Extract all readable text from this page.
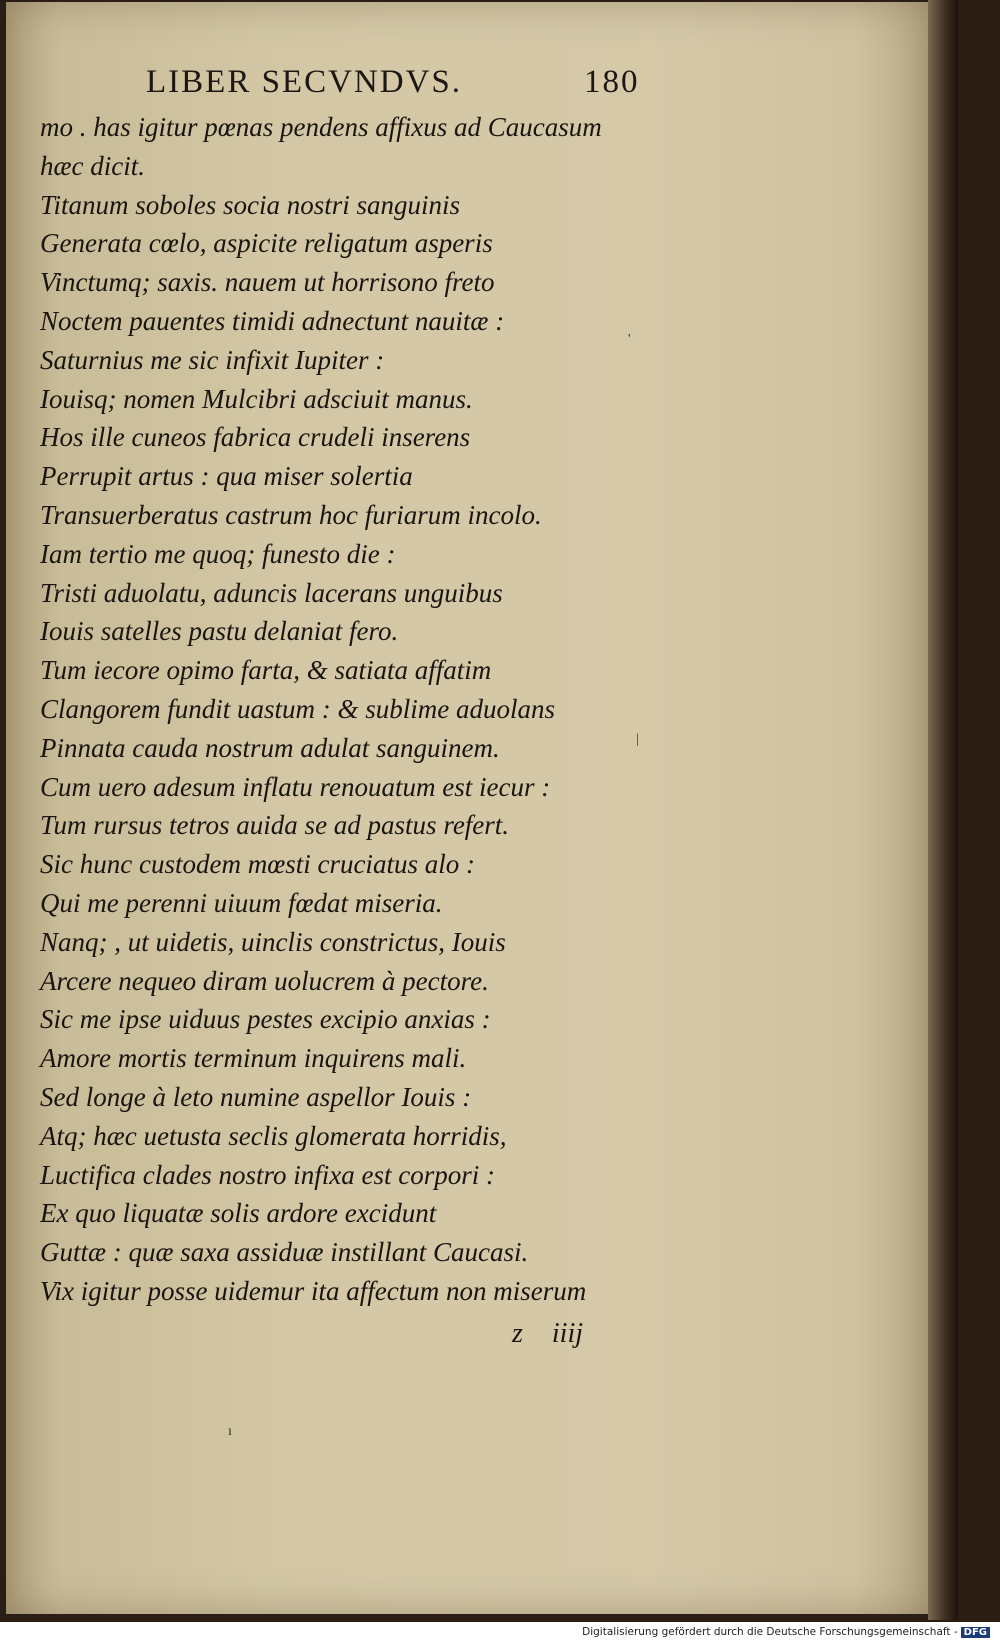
LIBER SECVNDVS.	180
mo . has igitur pœnas pendens affixus ad Caucasum
hæc dicit.
Titanum soboles socia nostri sanguinis
Generata cœlo, aspicite religatum asperis
Vinctumq; saxis. nauem ut horrisono freto
Noctem pauentes timidi adnectunt nauitæ :
Saturnius me sic infixit Iupiter :
Iouisq; nomen Mulcibri adsciuit manus.
Hos ille cuneos fabrica crudeli inserens
Perrupit artus : qua miser solertia
Transuerberatus castrum hoc furiarum incolo.
Iam tertio me quoq; funesto die :
Tristi aduolatu, aduncis lacerans unguibus
Iouis satelles pastu delaniat fero.
Tum iecore opimo farta, & satiata affatim
Clangorem fundit uastum : & sublime aduolans
Pinnata cauda nostrum adulat sanguinem.
Cum uero adesum inflatu renouatum est iecur :
Tum rursus tetros auida se ad pastus refert.
Sic hunc custodem mœsti cruciatus alo :
Qui me perenni uiuum fœdat miseria.
Nanq; , ut uidetis, uinclis constrictus, Iouis
Arcere nequeo diram uolucrem à pectore.
Sic me ipse uiduus pestes excipio anxias :
Amore mortis terminum inquirens mali.
Sed longe à leto numine aspellor Iouis :
Atq; hæc uetusta seclis glomerata horridis,
Luctifica clades nostro infixa est corpori :
Ex quo liquatæ solis ardore excidunt
Guttæ : quæ saxa assiduæ instillant Caucasi.
Vix igitur posse uidemur ita affectum non miserum
z iiij
'
|
ı
Digitalisierung gefördert durch die Deutsche Forschungsgemeinschaft - DFG
